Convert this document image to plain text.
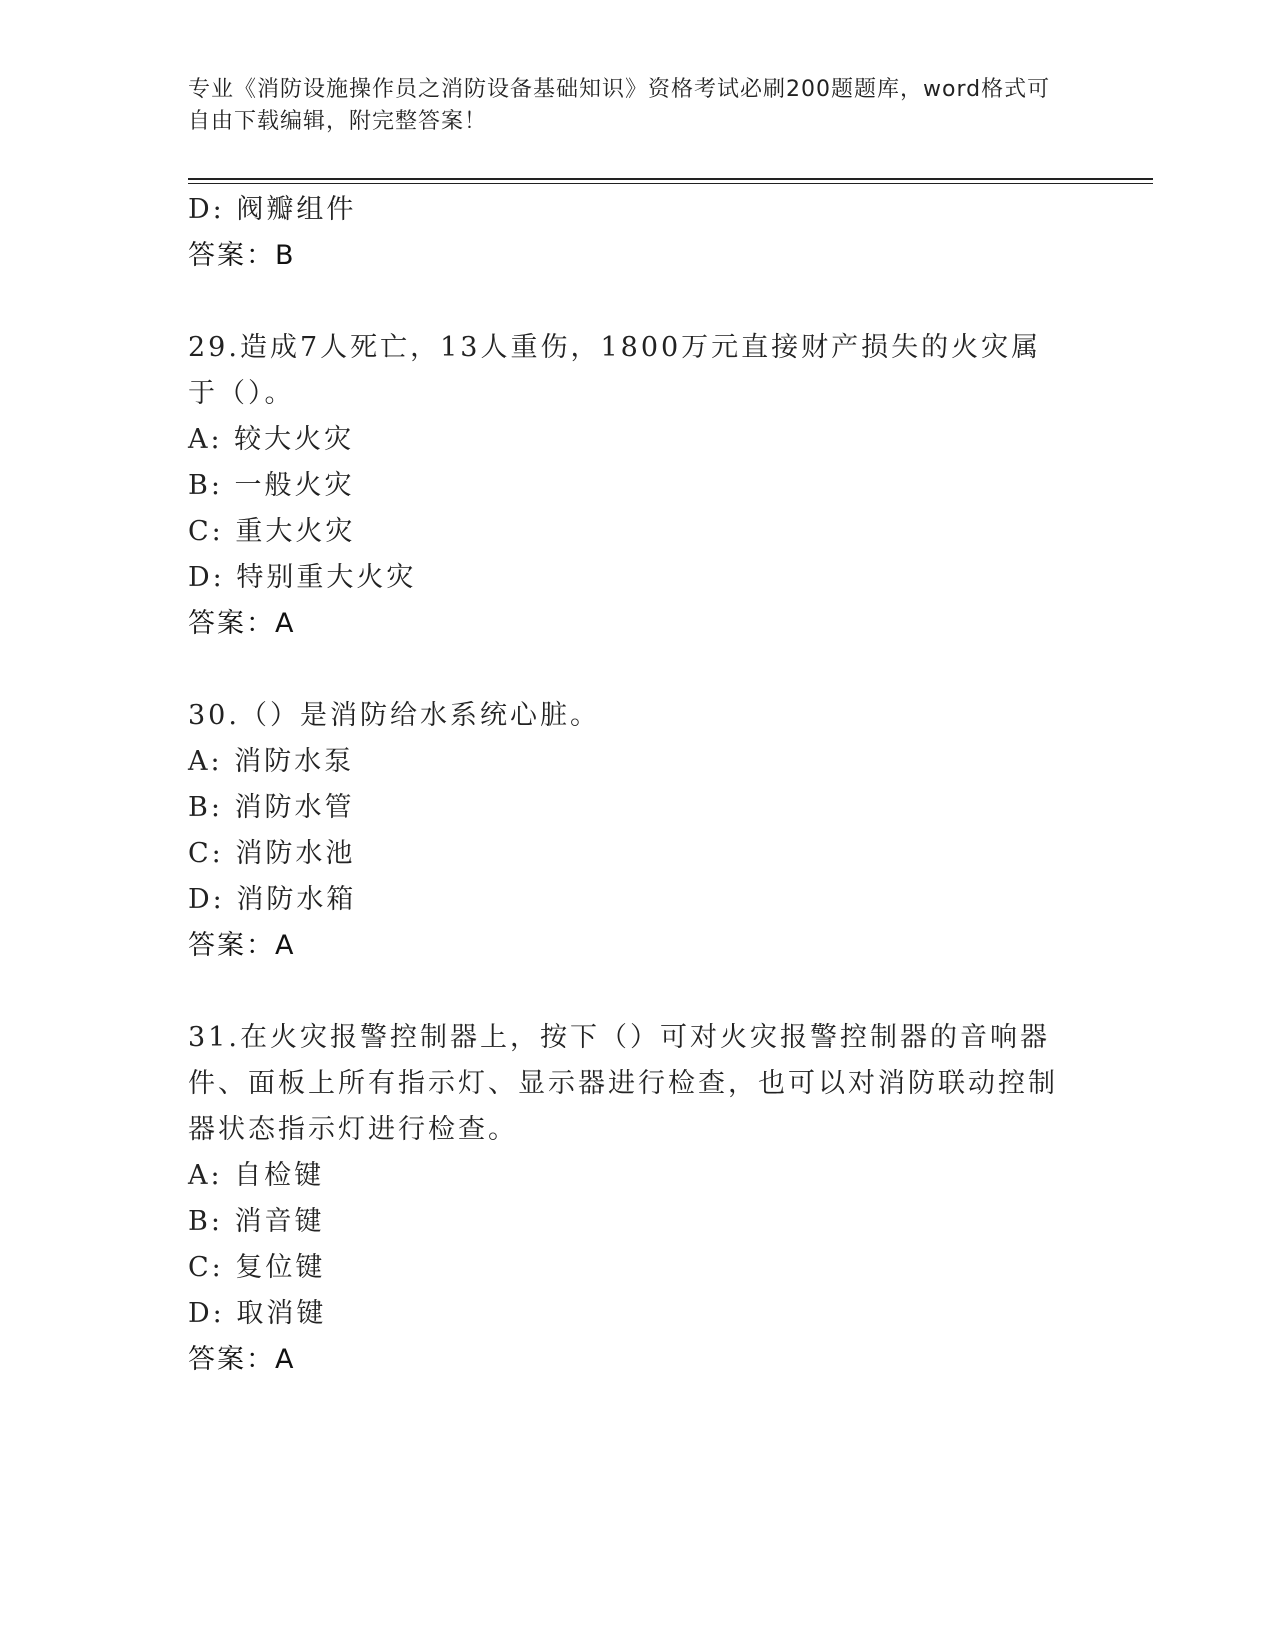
专业《消防设施操作员之消防设备基础知识》资格考试必刷200题题库，word格式可自由下载编辑，附完整答案！
D: 阀瓣组件
答案：B
29.造成7人死亡，13人重伤，1800万元直接财产损失的火灾属于（）。
A: 较大火灾
B: 一般火灾
C: 重大火灾
D: 特别重大火灾
答案：A
30.（）是消防给水系统心脏。
A: 消防水泵
B: 消防水管
C: 消防水池
D: 消防水箱
答案：A
31.在火灾报警控制器上，按下（）可对火灾报警控制器的音响器件、面板上所有指示灯、显示器进行检查，也可以对消防联动控制器状态指示灯进行检查。
A: 自检键
B: 消音键
C: 复位键
D: 取消键
答案：A
